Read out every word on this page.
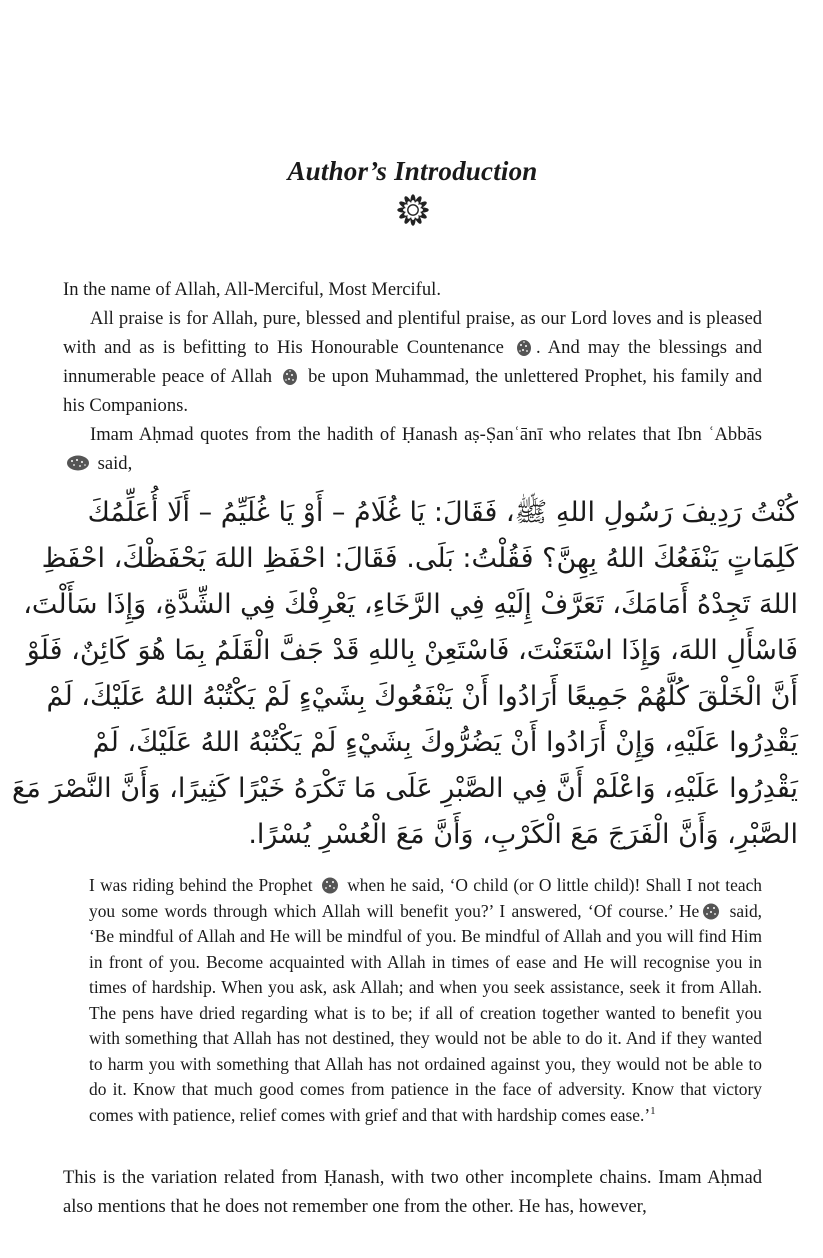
Author’s Introduction

In the name of Allah, All-Merciful, Most Merciful.

All praise is for Allah, pure, blessed and plentiful praise, as our Lord loves and is pleased with and as is befitting to His Honourable Countenance . And may the blessings and innumerable peace of Allah be upon Muhammad, the unlettered Prophet, his family and his Companions.

Imam Aḥmad quotes from the hadith of Ḥanash aṣ-Ṣanʿānī who relates that Ibn ʿAbbās  said,

كُنْتُ رَدِيفَ رَسُولِ اللهِ ﷺ، فَقَالَ: يَا غُلَامُ – أَوْ يَا غُلَيِّمُ – أَلَا أُعَلِّمُكَ
كَلِمَاتٍ يَنْفَعُكَ اللهُ بِهِنَّ؟ فَقُلْتُ: بَلَى. فَقَالَ: احْفَظِ اللهَ يَحْفَظْكَ، احْفَظِ
اللهَ تَجِدْهُ أَمَامَكَ، تَعَرَّفْ إِلَيْهِ فِي الرَّخَاءِ، يَعْرِفْكَ فِي الشِّدَّةِ، وَإِذَا سَأَلْتَ،
فَاسْأَلِ اللهَ، وَإِذَا اسْتَعَنْتَ، فَاسْتَعِنْ بِاللهِ قَدْ جَفَّ الْقَلَمُ بِمَا هُوَ كَائِنٌ، فَلَوْ
أَنَّ الْخَلْقَ كُلَّهُمْ جَمِيعًا أَرَادُوا أَنْ يَنْفَعُوكَ بِشَيْءٍ لَمْ يَكْتُبْهُ اللهُ عَلَيْكَ، لَمْ
يَقْدِرُوا عَلَيْهِ، وَإِنْ أَرَادُوا أَنْ يَضُرُّوكَ بِشَيْءٍ لَمْ يَكْتُبْهُ اللهُ عَلَيْكَ، لَمْ
يَقْدِرُوا عَلَيْهِ، وَاعْلَمْ أَنَّ فِي الصَّبْرِ عَلَى مَا تَكْرَهُ خَيْرًا كَثِيرًا، وَأَنَّ النَّصْرَ مَعَ
الصَّبْرِ، وَأَنَّ الْفَرَجَ مَعَ الْكَرْبِ، وَأَنَّ مَعَ الْعُسْرِ يُسْرًا.

I was riding behind the Prophet when he said, ‘O child (or O little child)! Shall I not teach you some words through which Allah will benefit you?’ I answered, ‘Of course.’ He said, ‘Be mindful of Allah and He will be mindful of you. Be mindful of Allah and you will find Him in front of you. Become acquainted with Allah in times of ease and He will recognise you in times of hardship. When you ask, ask Allah; and when you seek assistance, seek it from Allah. The pens have dried regarding what is to be; if all of creation together wanted to benefit you with something that Allah has not destined, they would not be able to do it. And if they wanted to harm you with something that Allah has not ordained against you, they would not be able to do it. Know that much good comes from patience in the face of adversity. Know that victory comes with patience, relief comes with grief and that with hardship comes ease.’$^1$

This is the variation related from Ḥanash, with two other incomplete chains. Imam Aḥmad also mentions that he does not remember one from the other. He has, however,
